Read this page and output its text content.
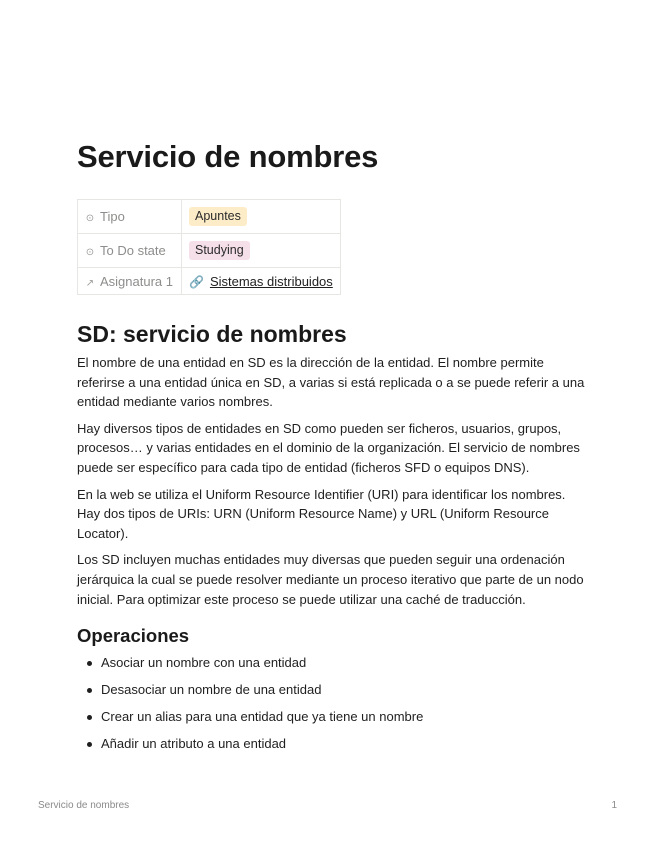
Servicio de nombres
⊙ Tipo	Apuntes
⊙ To Do state	Studying
↗ Asignatura 1	🔗 Sistemas distribuidos
SD: servicio de nombres

El nombre de una entidad en SD es la dirección de la entidad. El nombre permite referirse a una entidad única en SD, a varias si está replicada o a se puede referir a una entidad mediante varios nombres.

Hay diversos tipos de entidades en SD como pueden ser ficheros, usuarios, grupos, procesos… y varias entidades en el dominio de la organización. El servicio de nombres puede ser específico para cada tipo de entidad (ficheros SFD o equipos DNS).

En la web se utiliza el Uniform Resource Identifier (URI) para identificar los nombres. Hay dos tipos de URIs: URN (Uniform Resource Name) y URL (Uniform Resource Locator).

Los SD incluyen muchas entidades muy diversas que pueden seguir una ordenación jerárquica la cual se puede resolver mediante un proceso iterativo que parte de un nodo inicial. Para optimizar este proceso se puede utilizar una caché de traducción.

Operaciones
Asociar un nombre con una entidad
Desasociar un nombre de una entidad
Crear un alias para una entidad que ya tiene un nombre
Añadir un atributo a una entidad
Servicio de nombres	1
